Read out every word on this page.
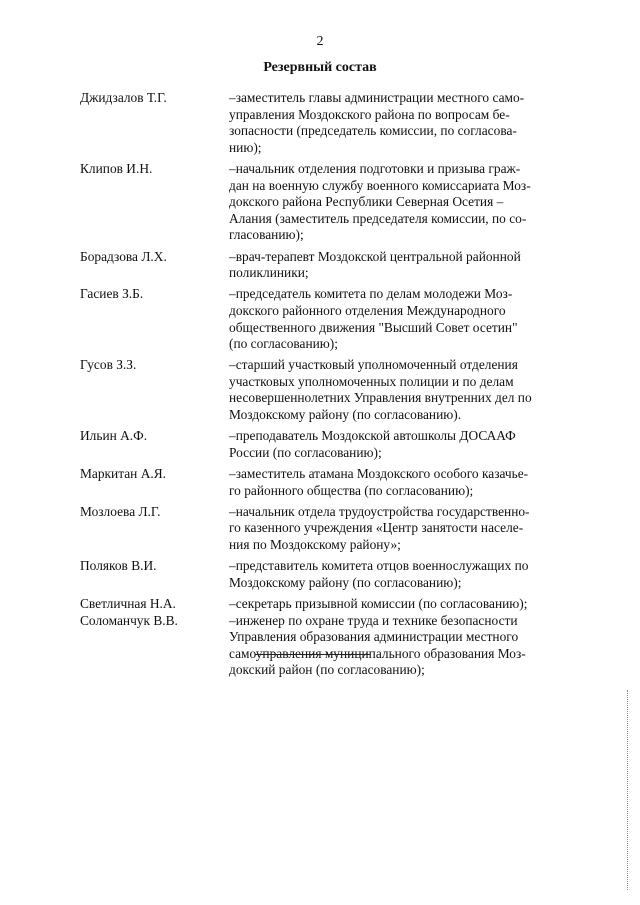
2
Резервный состав
Джидзалов Т.Г.	–заместитель главы администрации местного само-
управления Моздокского района по вопросам бе-
зопасности (председатель комиссии, по согласова-
нию);
Клипов И.Н.	–начальник отделения подготовки и призыва граж-
дан на военную службу военного комиссариата Моз-
докского района Республики Северная Осетия –
Алания (заместитель председателя комиссии, по со-
гласованию);
Борадзова Л.Х.	–врач-терапевт Моздокской центральной районной
поликлиники;
Гасиев З.Б.	–председатель комитета по делам молодежи Моз-
докского районного отделения Международного
общественного движения "Высший Совет осетин"
(по согласованию);
Гусов З.З.	–старший участковый уполномоченный отделения
участковых уполномоченных полиции и по делам
несовершеннолетних Управления внутренних дел по
Моздокскому району (по согласованию).
Ильин А.Ф.	–преподаватель Моздокской автошколы ДОСААФ
России (по согласованию);
Маркитан А.Я.	–заместитель атамана Моздокского особого казачье-
го районного общества (по согласованию);
Мозлоева Л.Г.	–начальник отдела трудоустройства государственно-
го казенного учреждения «Центр занятости населе-
ния по Моздокскому району»;
Поляков В.И.	–представитель комитета отцов военнослужащих по
Моздокскому району (по согласованию);
Светличная Н.А.	–секретарь призывной комиссии (по согласованию);
Соломанчук В.В.	–инженер по охране труда и технике безопасности
Управления образования администрации местного
самоуправления муниципального образования Моз-
докский район (по согласованию);
